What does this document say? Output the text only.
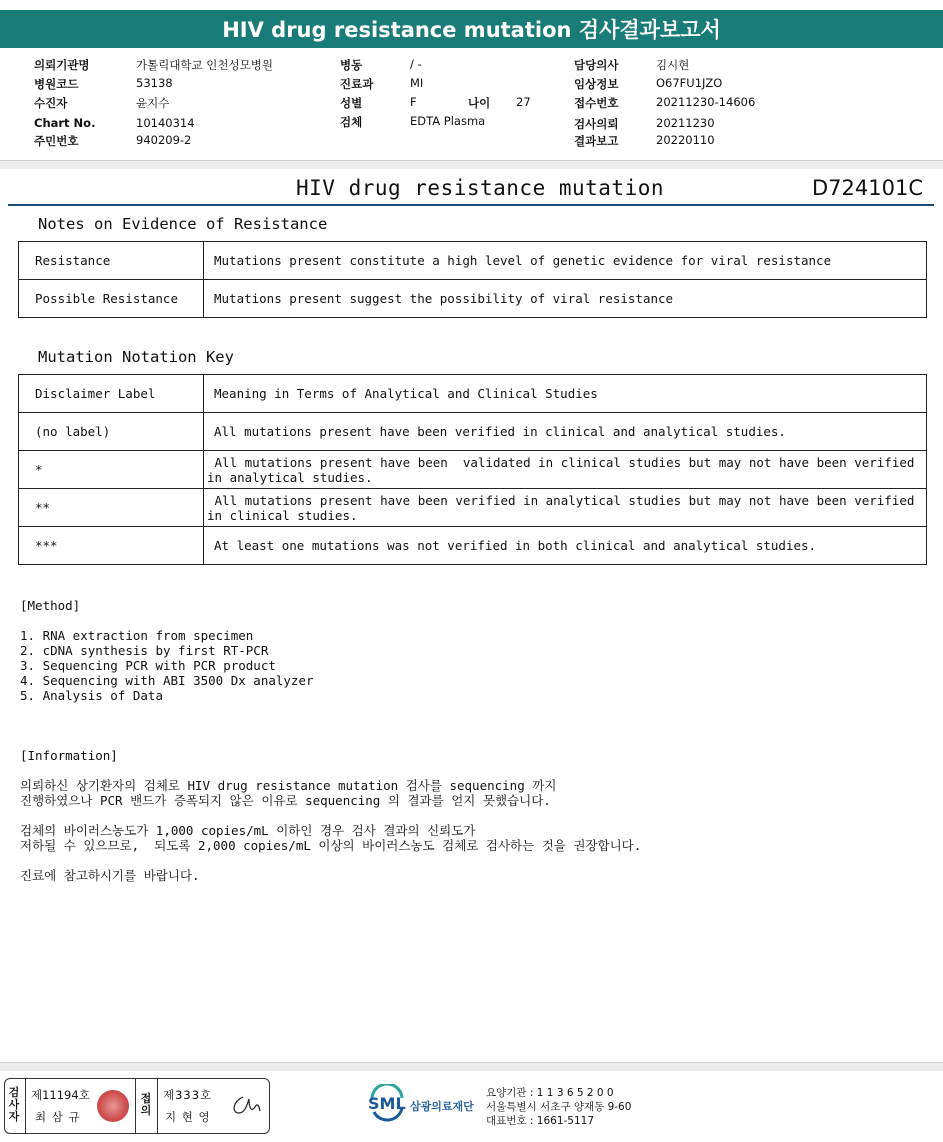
HIV drug resistance mutation 검사결과보고서
의뢰기관명	가톨릭대학교 인천성모병원
병원코드	53138
수진자	윤지수
Chart No.	10140314
주민번호	940209-2
병동	/ -
진료과	MI
성별	F	나이 27
검체	EDTA Plasma
담당의사	김시현
임상정보	O67FU1JZO
접수번호	20211230-14606
검사의뢰	20211230
결과보고	20220110
HIV drug resistance mutation	D724101C
Notes on Evidence of Resistance
Resistance	Mutations present constitute a high level of genetic evidence for viral resistance
Possible Resistance	Mutations present suggest the possibility of viral resistance
Mutation Notation Key
Disclaimer Label	Meaning in Terms of Analytical and Clinical Studies
(no label)	All mutations present have been verified in clinical and analytical studies.
*	All mutations present have been  validated in clinical studies but may not have been verified
in analytical studies.
**	All mutations present have been verified in analytical studies but may not have been verified
in clinical studies.
***	At least one mutations was not verified in both clinical and analytical studies.
[Method]
1. RNA extraction from specimen
2. cDNA synthesis by first RT-PCR
3. Sequencing PCR with PCR product
4. Sequencing with ABI 3500 Dx analyzer
5. Analysis of Data
[Information]
의뢰하신 상기환자의 검체로 HIV drug resistance mutation 검사를 sequencing 까지
진행하였으나 PCR 밴드가 증폭되지 않은 이유로 sequencing 의 결과를 얻지 못했습니다.
검체의 바이러스농도가 1,000 copies/mL 이하인 경우 검사 결과의 신뢰도가
저하될 수 있으므로,  되도록 2,000 copies/mL 이상의 바이러스농도 검체로 검사하는 것을 권장합니다.
진료에 참고하시기를 바랍니다.
검사자
제11194호
최 삼 규
접의
제333호
지 현 영
SML 삼광의료재단
요양기관 : 1 1 3 6 5 2 0 0
서울특별시 서초구 양재동 9-60
대표번호 : 1661-5117
